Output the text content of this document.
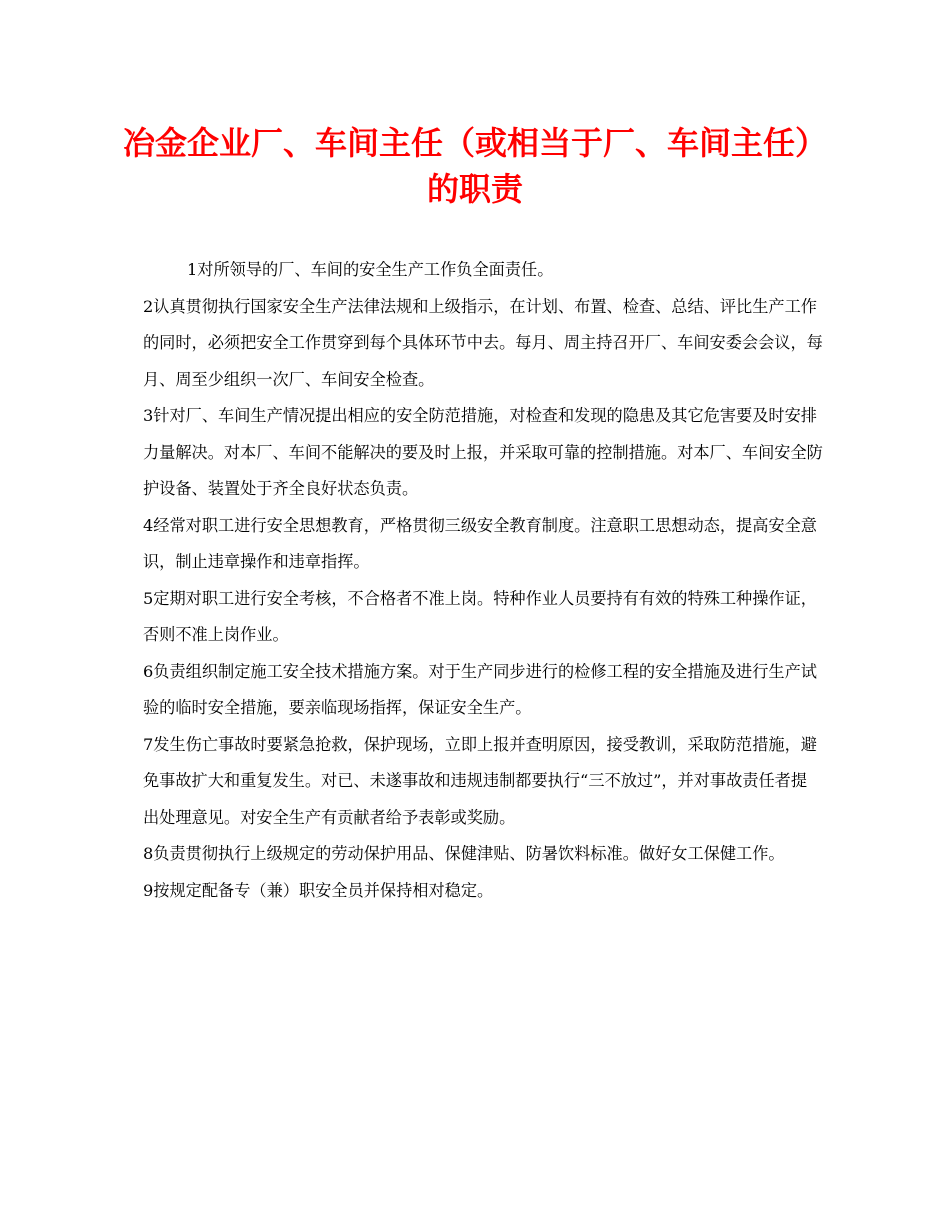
冶金企业厂、车间主任（或相当于厂、车间主任）的职责

1对所领导的厂、车间的安全生产工作负全面责任。

2认真贯彻执行国家安全生产法律法规和上级指示，在计划、布置、检查、总结、评比生产工作的同时，必须把安全工作贯穿到每个具体环节中去。每月、周主持召开厂、车间安委会会议，每月、周至少组织一次厂、车间安全检查。

3针对厂、车间生产情况提出相应的安全防范措施，对检查和发现的隐患及其它危害要及时安排力量解决。对本厂、车间不能解决的要及时上报，并采取可靠的控制措施。对本厂、车间安全防护设备、装置处于齐全良好状态负责。

4经常对职工进行安全思想教育，严格贯彻三级安全教育制度。注意职工思想动态，提高安全意识，制止违章操作和违章指挥。

5定期对职工进行安全考核，不合格者不准上岗。特种作业人员要持有有效的特殊工种操作证，否则不准上岗作业。

6负责组织制定施工安全技术措施方案。对于生产同步进行的检修工程的安全措施及进行生产试验的临时安全措施，要亲临现场指挥，保证安全生产。

7发生伤亡事故时要紧急抢救，保护现场，立即上报并查明原因，接受教训，采取防范措施，避免事故扩大和重复发生。对已、未遂事故和违规违制都要执行“三不放过”，并对事故责任者提出处理意见。对安全生产有贡献者给予表彰或奖励。

8负责贯彻执行上级规定的劳动保护用品、保健津贴、防暑饮料标准。做好女工保健工作。

9按规定配备专（兼）职安全员并保持相对稳定。
